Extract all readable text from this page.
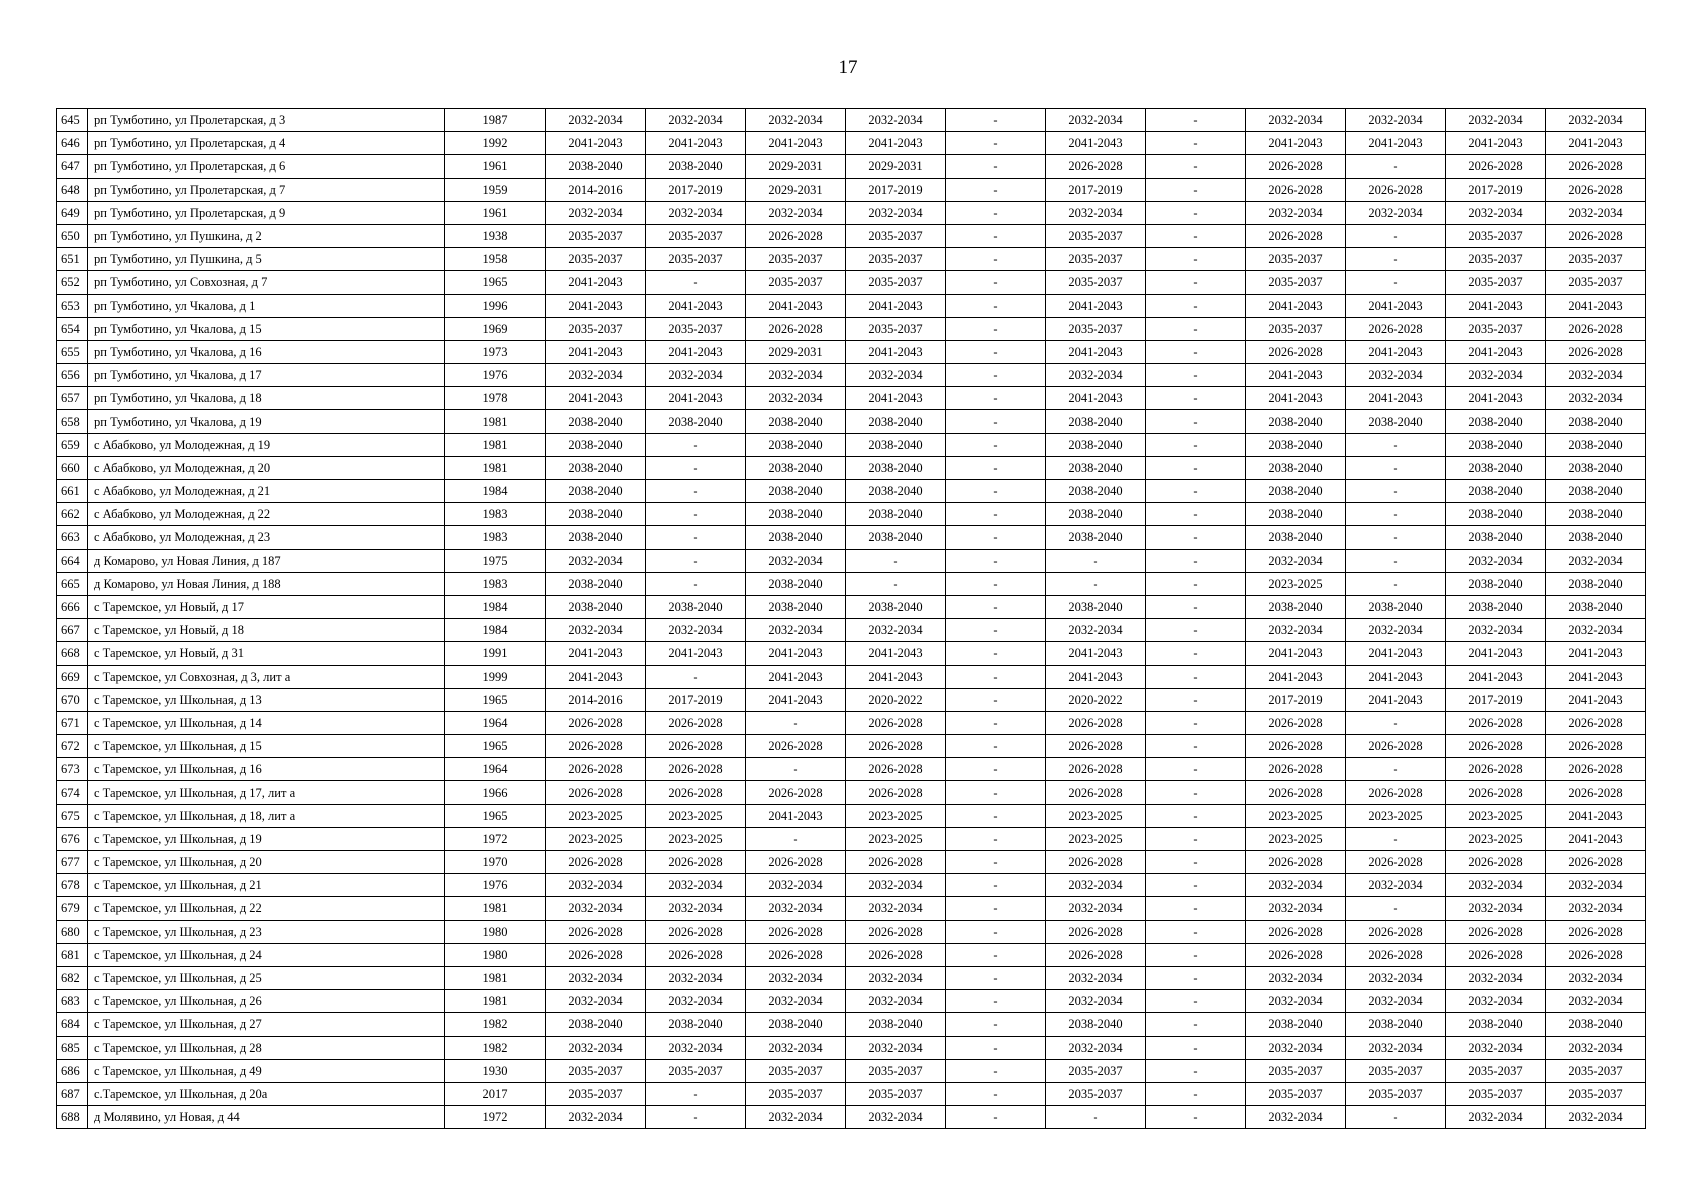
17
645	рп Тумботино, ул Пролетарская, д 3	1987	2032-2034	2032-2034	2032-2034	2032-2034	-	2032-2034	-	2032-2034	2032-2034	2032-2034	2032-2034
646	рп Тумботино, ул Пролетарская, д 4	1992	2041-2043	2041-2043	2041-2043	2041-2043	-	2041-2043	-	2041-2043	2041-2043	2041-2043	2041-2043
647	рп Тумботино, ул Пролетарская, д 6	1961	2038-2040	2038-2040	2029-2031	2029-2031	-	2026-2028	-	2026-2028	-	2026-2028	2026-2028
648	рп Тумботино, ул Пролетарская, д 7	1959	2014-2016	2017-2019	2029-2031	2017-2019	-	2017-2019	-	2026-2028	2026-2028	2017-2019	2026-2028
649	рп Тумботино, ул Пролетарская, д 9	1961	2032-2034	2032-2034	2032-2034	2032-2034	-	2032-2034	-	2032-2034	2032-2034	2032-2034	2032-2034
650	рп Тумботино, ул Пушкина, д 2	1938	2035-2037	2035-2037	2026-2028	2035-2037	-	2035-2037	-	2026-2028	-	2035-2037	2026-2028
651	рп Тумботино, ул Пушкина, д 5	1958	2035-2037	2035-2037	2035-2037	2035-2037	-	2035-2037	-	2035-2037	-	2035-2037	2035-2037
652	рп Тумботино, ул Совхозная, д 7	1965	2041-2043	-	2035-2037	2035-2037	-	2035-2037	-	2035-2037	-	2035-2037	2035-2037
653	рп Тумботино, ул Чкалова, д 1	1996	2041-2043	2041-2043	2041-2043	2041-2043	-	2041-2043	-	2041-2043	2041-2043	2041-2043	2041-2043
654	рп Тумботино, ул Чкалова, д 15	1969	2035-2037	2035-2037	2026-2028	2035-2037	-	2035-2037	-	2035-2037	2026-2028	2035-2037	2026-2028
655	рп Тумботино, ул Чкалова, д 16	1973	2041-2043	2041-2043	2029-2031	2041-2043	-	2041-2043	-	2026-2028	2041-2043	2041-2043	2026-2028
656	рп Тумботино, ул Чкалова, д 17	1976	2032-2034	2032-2034	2032-2034	2032-2034	-	2032-2034	-	2041-2043	2032-2034	2032-2034	2032-2034
657	рп Тумботино, ул Чкалова, д 18	1978	2041-2043	2041-2043	2032-2034	2041-2043	-	2041-2043	-	2041-2043	2041-2043	2041-2043	2032-2034
658	рп Тумботино, ул Чкалова, д 19	1981	2038-2040	2038-2040	2038-2040	2038-2040	-	2038-2040	-	2038-2040	2038-2040	2038-2040	2038-2040
659	с Абабково, ул Молодежная, д 19	1981	2038-2040	-	2038-2040	2038-2040	-	2038-2040	-	2038-2040	-	2038-2040	2038-2040
660	с Абабково, ул Молодежная, д 20	1981	2038-2040	-	2038-2040	2038-2040	-	2038-2040	-	2038-2040	-	2038-2040	2038-2040
661	с Абабково, ул Молодежная, д 21	1984	2038-2040	-	2038-2040	2038-2040	-	2038-2040	-	2038-2040	-	2038-2040	2038-2040
662	с Абабково, ул Молодежная, д 22	1983	2038-2040	-	2038-2040	2038-2040	-	2038-2040	-	2038-2040	-	2038-2040	2038-2040
663	с Абабково, ул Молодежная, д 23	1983	2038-2040	-	2038-2040	2038-2040	-	2038-2040	-	2038-2040	-	2038-2040	2038-2040
664	д Комарово, ул Новая Линия, д 187	1975	2032-2034	-	2032-2034	-	-	-	-	2032-2034	-	2032-2034	2032-2034
665	д Комарово, ул Новая Линия, д 188	1983	2038-2040	-	2038-2040	-	-	-	-	2023-2025	-	2038-2040	2038-2040
666	с Таремское, ул Новый, д 17	1984	2038-2040	2038-2040	2038-2040	2038-2040	-	2038-2040	-	2038-2040	2038-2040	2038-2040	2038-2040
667	с Таремское, ул Новый, д 18	1984	2032-2034	2032-2034	2032-2034	2032-2034	-	2032-2034	-	2032-2034	2032-2034	2032-2034	2032-2034
668	с Таремское, ул Новый, д 31	1991	2041-2043	2041-2043	2041-2043	2041-2043	-	2041-2043	-	2041-2043	2041-2043	2041-2043	2041-2043
669	с Таремское, ул Совхозная, д 3, лит а	1999	2041-2043	-	2041-2043	2041-2043	-	2041-2043	-	2041-2043	2041-2043	2041-2043	2041-2043
670	с Таремское, ул Школьная, д 13	1965	2014-2016	2017-2019	2041-2043	2020-2022	-	2020-2022	-	2017-2019	2041-2043	2017-2019	2041-2043
671	с Таремское, ул Школьная, д 14	1964	2026-2028	2026-2028	-	2026-2028	-	2026-2028	-	2026-2028	-	2026-2028	2026-2028
672	с Таремское, ул Школьная, д 15	1965	2026-2028	2026-2028	2026-2028	2026-2028	-	2026-2028	-	2026-2028	2026-2028	2026-2028	2026-2028
673	с Таремское, ул Школьная, д 16	1964	2026-2028	2026-2028	-	2026-2028	-	2026-2028	-	2026-2028	-	2026-2028	2026-2028
674	с Таремское, ул Школьная, д 17, лит а	1966	2026-2028	2026-2028	2026-2028	2026-2028	-	2026-2028	-	2026-2028	2026-2028	2026-2028	2026-2028
675	с Таремское, ул Школьная, д 18, лит а	1965	2023-2025	2023-2025	2041-2043	2023-2025	-	2023-2025	-	2023-2025	2023-2025	2023-2025	2041-2043
676	с Таремское, ул Школьная, д 19	1972	2023-2025	2023-2025	-	2023-2025	-	2023-2025	-	2023-2025	-	2023-2025	2041-2043
677	с Таремское, ул Школьная, д 20	1970	2026-2028	2026-2028	2026-2028	2026-2028	-	2026-2028	-	2026-2028	2026-2028	2026-2028	2026-2028
678	с Таремское, ул Школьная, д 21	1976	2032-2034	2032-2034	2032-2034	2032-2034	-	2032-2034	-	2032-2034	2032-2034	2032-2034	2032-2034
679	с Таремское, ул Школьная, д 22	1981	2032-2034	2032-2034	2032-2034	2032-2034	-	2032-2034	-	2032-2034	-	2032-2034	2032-2034
680	с Таремское, ул Школьная, д 23	1980	2026-2028	2026-2028	2026-2028	2026-2028	-	2026-2028	-	2026-2028	2026-2028	2026-2028	2026-2028
681	с Таремское, ул Школьная, д 24	1980	2026-2028	2026-2028	2026-2028	2026-2028	-	2026-2028	-	2026-2028	2026-2028	2026-2028	2026-2028
682	с Таремское, ул Школьная, д 25	1981	2032-2034	2032-2034	2032-2034	2032-2034	-	2032-2034	-	2032-2034	2032-2034	2032-2034	2032-2034
683	с Таремское, ул Школьная, д 26	1981	2032-2034	2032-2034	2032-2034	2032-2034	-	2032-2034	-	2032-2034	2032-2034	2032-2034	2032-2034
684	с Таремское, ул Школьная, д 27	1982	2038-2040	2038-2040	2038-2040	2038-2040	-	2038-2040	-	2038-2040	2038-2040	2038-2040	2038-2040
685	с Таремское, ул Школьная, д 28	1982	2032-2034	2032-2034	2032-2034	2032-2034	-	2032-2034	-	2032-2034	2032-2034	2032-2034	2032-2034
686	с Таремское, ул Школьная, д 49	1930	2035-2037	2035-2037	2035-2037	2035-2037	-	2035-2037	-	2035-2037	2035-2037	2035-2037	2035-2037
687	с.Таремское, ул Школьная, д 20а	2017	2035-2037	-	2035-2037	2035-2037	-	2035-2037	-	2035-2037	2035-2037	2035-2037	2035-2037
688	д Молявино, ул Новая, д 44	1972	2032-2034	-	2032-2034	2032-2034	-	-	-	2032-2034	-	2032-2034	2032-2034
